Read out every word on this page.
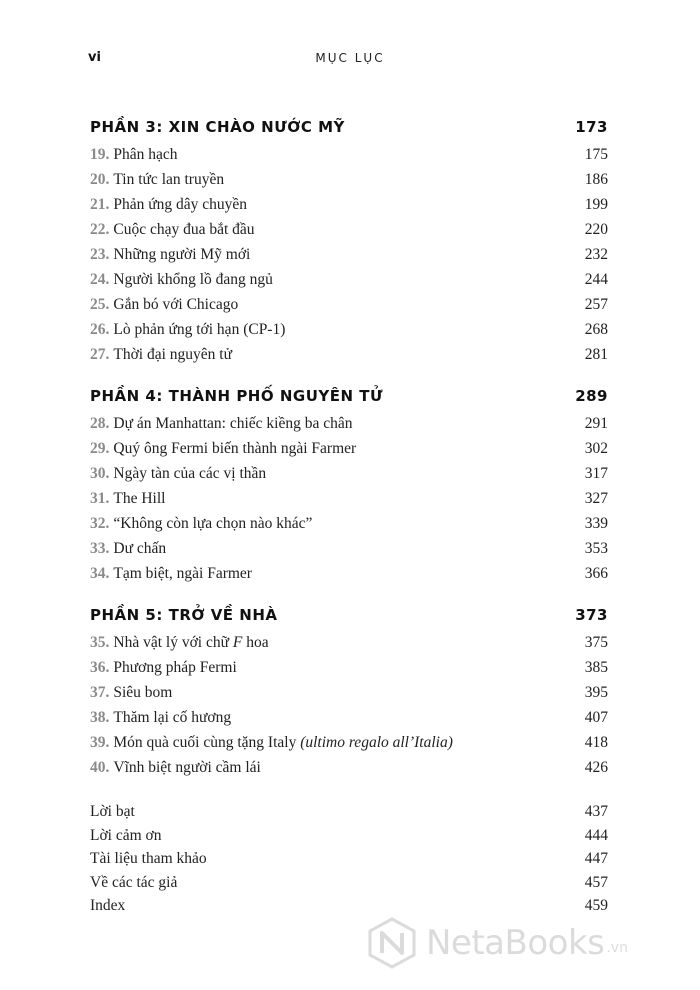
vi	MỤC LỤC
PHẦN 3: XIN CHÀO NƯỚC MỸ	173
19. Phân hạch	175
20. Tin tức lan truyền	186
21. Phản ứng dây chuyền	199
22. Cuộc chạy đua bắt đầu	220
23. Những người Mỹ mới	232
24. Người khổng lồ đang ngủ	244
25. Gắn bó với Chicago	257
26. Lò phản ứng tới hạn (CP-1)	268
27. Thời đại nguyên tử	281
PHẦN 4: THÀNH PHỐ NGUYÊN TỬ	289
28. Dự án Manhattan: chiếc kiềng ba chân	291
29. Quý ông Fermi biến thành ngài Farmer	302
30. Ngày tàn của các vị thần	317
31. The Hill	327
32. “Không còn lựa chọn nào khác”	339
33. Dư chấn	353
34. Tạm biệt, ngài Farmer	366
PHẦN 5: TRỞ VỀ NHÀ	373
35. Nhà vật lý với chữ F hoa	375
36. Phương pháp Fermi	385
37. Siêu bom	395
38. Thăm lại cố hương	407
39. Món quà cuối cùng tặng Italy (ultimo regalo all’Italia)	418
40. Vĩnh biệt người cầm lái	426
Lời bạt	437
Lời cảm ơn	444
Tài liệu tham khảo	447
Về các tác giả	457
Index	459
NetaBooks .vn
